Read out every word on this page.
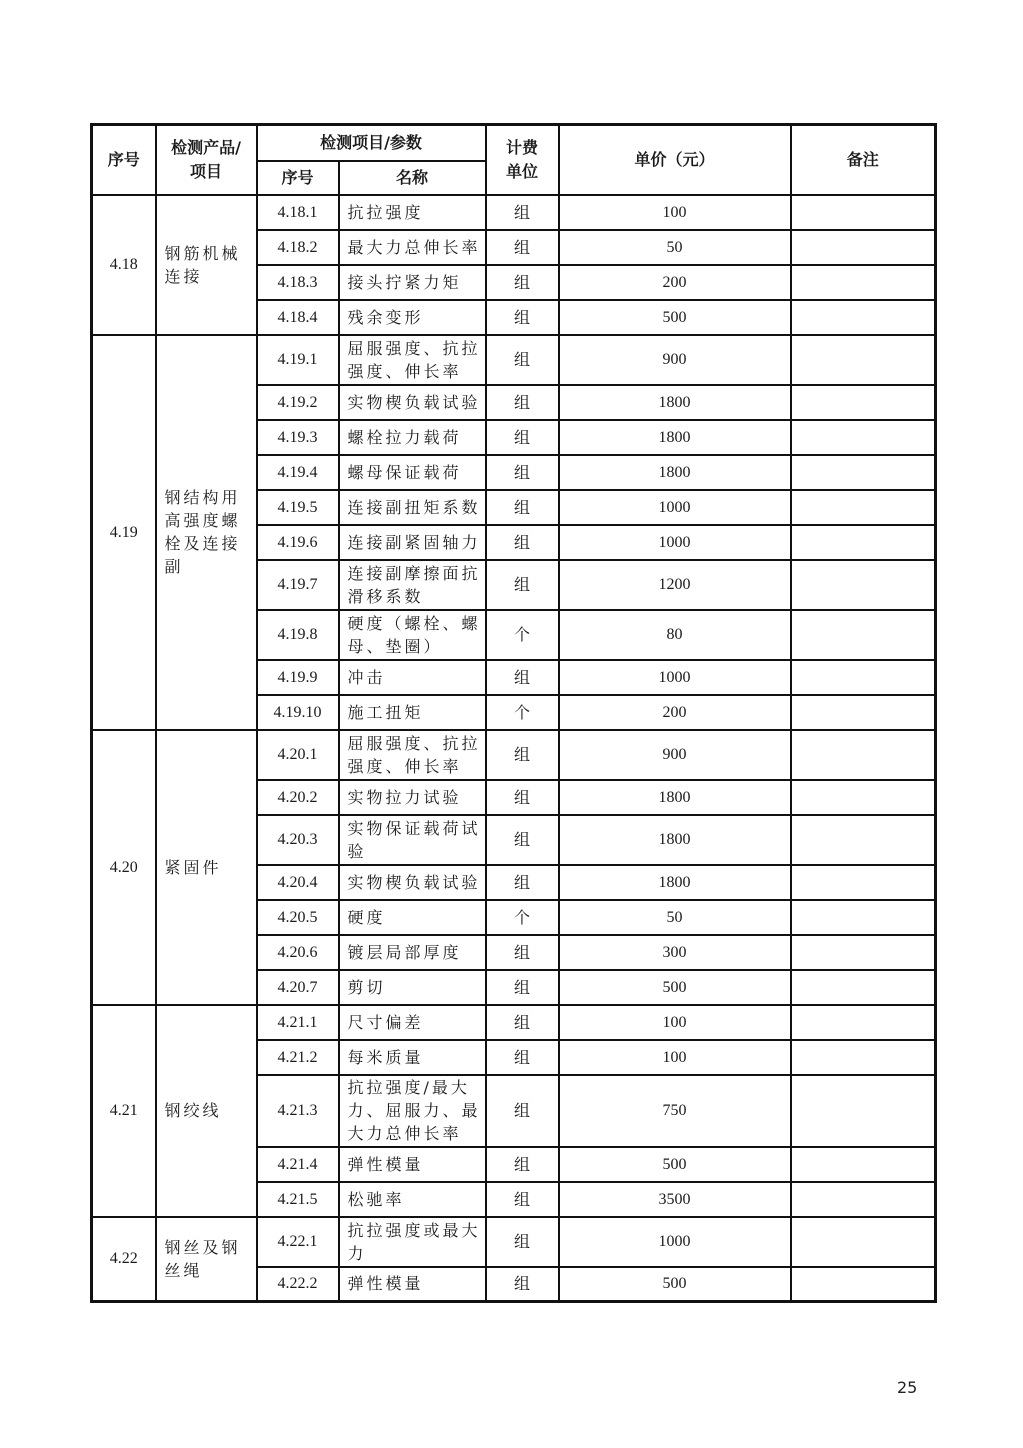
序号	检测产品/项目	检测项目/参数		计费单位	单价（元）	备注
		序号	名称			
4.18	钢筋机械连接	4.18.1	抗拉强度	组	100	
		4.18.2	最大力总伸长率	组	50	
		4.18.3	接头拧紧力矩	组	200	
		4.18.4	残余变形	组	500	
4.19	钢结构用高强度螺栓及连接副	4.19.1	屈服强度、抗拉强度、伸长率	组	900	
		4.19.2	实物楔负载试验	组	1800	
		4.19.3	螺栓拉力载荷	组	1800	
		4.19.4	螺母保证载荷	组	1800	
		4.19.5	连接副扭矩系数	组	1000	
		4.19.6	连接副紧固轴力	组	1000	
		4.19.7	连接副摩擦面抗滑移系数	组	1200	
		4.19.8	硬度（螺栓、螺母、垫圈）	个	80	
		4.19.9	冲击	组	1000	
		4.19.10	施工扭矩	个	200	
4.20	紧固件	4.20.1	屈服强度、抗拉强度、伸长率	组	900	
		4.20.2	实物拉力试验	组	1800	
		4.20.3	实物保证载荷试验	组	1800	
		4.20.4	实物楔负载试验	组	1800	
		4.20.5	硬度	个	50	
		4.20.6	镀层局部厚度	组	300	
		4.20.7	剪切	组	500	
4.21	钢绞线	4.21.1	尺寸偏差	组	100	
		4.21.2	每米质量	组	100	
		4.21.3	抗拉强度/最大力、屈服力、最大力总伸长率	组	750	
		4.21.4	弹性模量	组	500	
		4.21.5	松驰率	组	3500	
4.22	钢丝及钢丝绳	4.22.1	抗拉强度或最大力	组	1000	
		4.22.2	弹性模量	组	500	
25
